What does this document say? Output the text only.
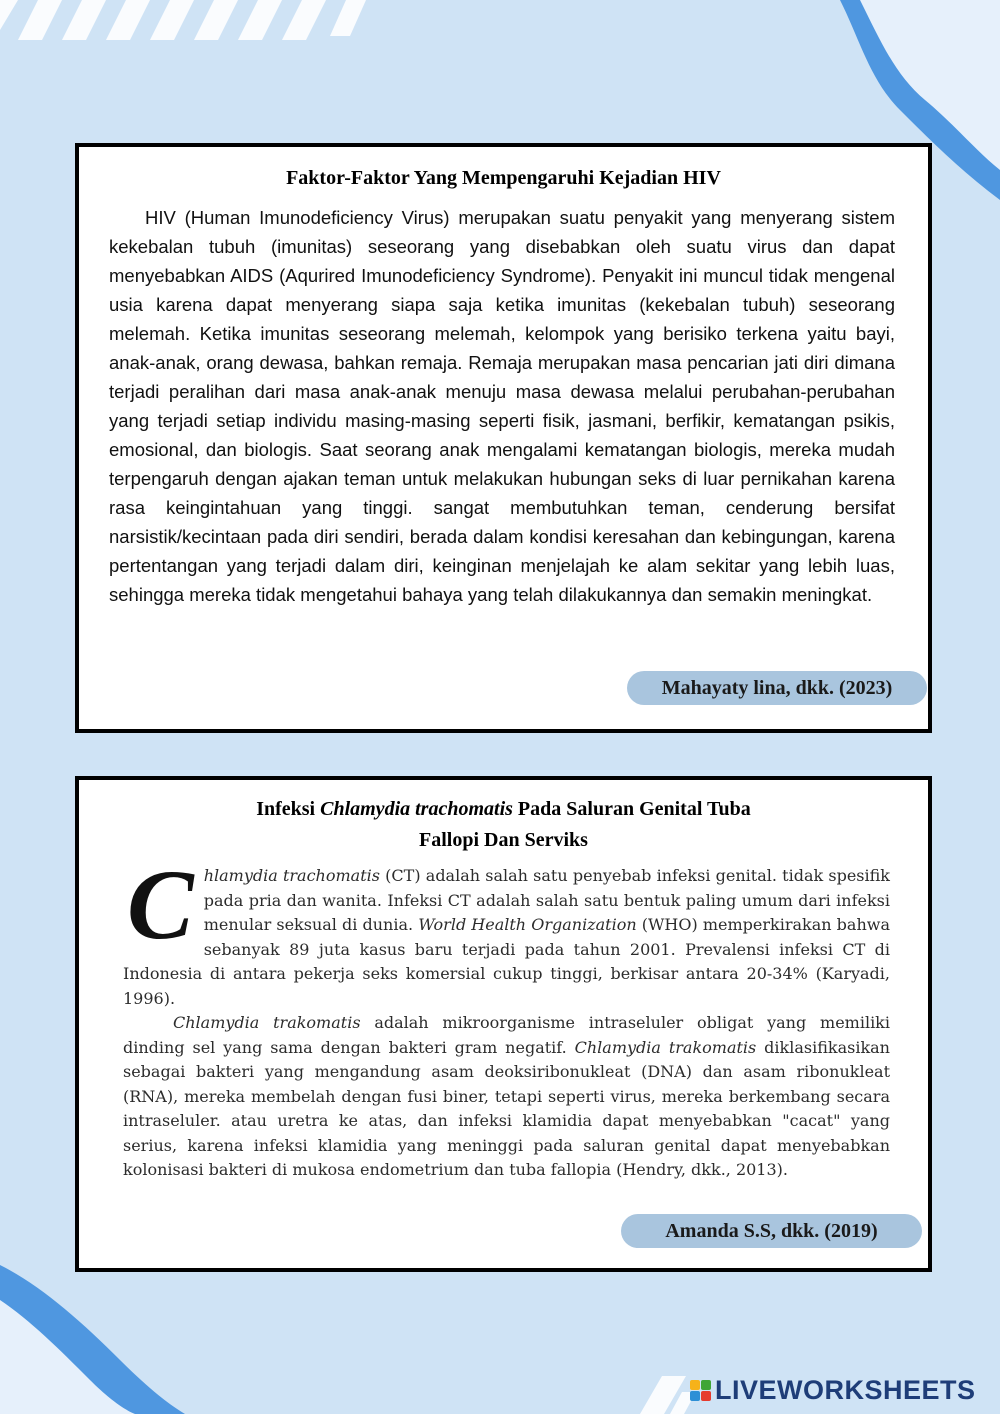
Faktor-Faktor Yang Mempengaruhi Kejadian HIV

HIV (Human Imunodeficiency Virus) merupakan suatu penyakit yang menyerang sistem kekebalan tubuh (imunitas) seseorang yang disebabkan oleh suatu virus dan dapat menyebabkan AIDS (Aqurired Imunodeficiency Syndrome). Penyakit ini muncul tidak mengenal usia karena dapat menyerang siapa saja ketika imunitas (kekebalan tubuh) seseorang melemah. Ketika imunitas seseorang melemah, kelompok yang berisiko terkena yaitu bayi, anak-anak, orang dewasa, bahkan remaja. Remaja merupakan masa pencarian jati diri dimana terjadi peralihan dari masa anak-anak menuju masa dewasa melalui perubahan-perubahan yang terjadi setiap individu masing-masing seperti fisik, jasmani, berfikir, kematangan psikis, emosional, dan biologis. Saat seorang anak mengalami kematangan biologis, mereka mudah terpengaruh dengan ajakan teman untuk melakukan hubungan seks di luar pernikahan karena rasa keingintahuan yang tinggi. sangat membutuhkan teman, cenderung bersifat narsistik/kecintaan pada diri sendiri, berada dalam kondisi keresahan dan kebingungan, karena pertentangan yang terjadi dalam diri, keinginan menjelajah ke alam sekitar yang lebih luas, sehingga mereka tidak mengetahui bahaya yang telah dilakukannya dan semakin meningkat.

Mahayaty lina, dkk. (2023)
Infeksi Chlamydia trachomatis Pada Saluran Genital Tuba
Fallopi Dan Serviks
C hlamydia trachomatis (CT) adalah salah satu penyebab infeksi genital. tidak spesifik pada pria dan wanita. Infeksi CT adalah salah satu bentuk paling umum dari infeksi menular seksual di dunia. World Health Organization (WHO) memperkirakan bahwa sebanyak 89 juta kasus baru terjadi pada tahun 2001. Prevalensi infeksi CT di Indonesia di antara pekerja seks komersial cukup tinggi, berkisar antara 20-34% (Karyadi, 1996).

Chlamydia trakomatis adalah mikroorganisme intraseluler obligat yang memiliki dinding sel yang sama dengan bakteri gram negatif. Chlamydia trakomatis diklasifikasikan sebagai bakteri yang mengandung asam deoksiribonukleat (DNA) dan asam ribonukleat (RNA), mereka membelah dengan fusi biner, tetapi seperti virus, mereka berkembang secara intraseluler. atau uretra ke atas, dan infeksi klamidia dapat menyebabkan "cacat" yang serius, karena infeksi klamidia yang meninggi pada saluran genital dapat menyebabkan kolonisasi bakteri di mukosa endometrium dan tuba fallopia (Hendry, dkk., 2013).

Amanda S.S, dkk. (2019)
LIVEWORKSHEETS
